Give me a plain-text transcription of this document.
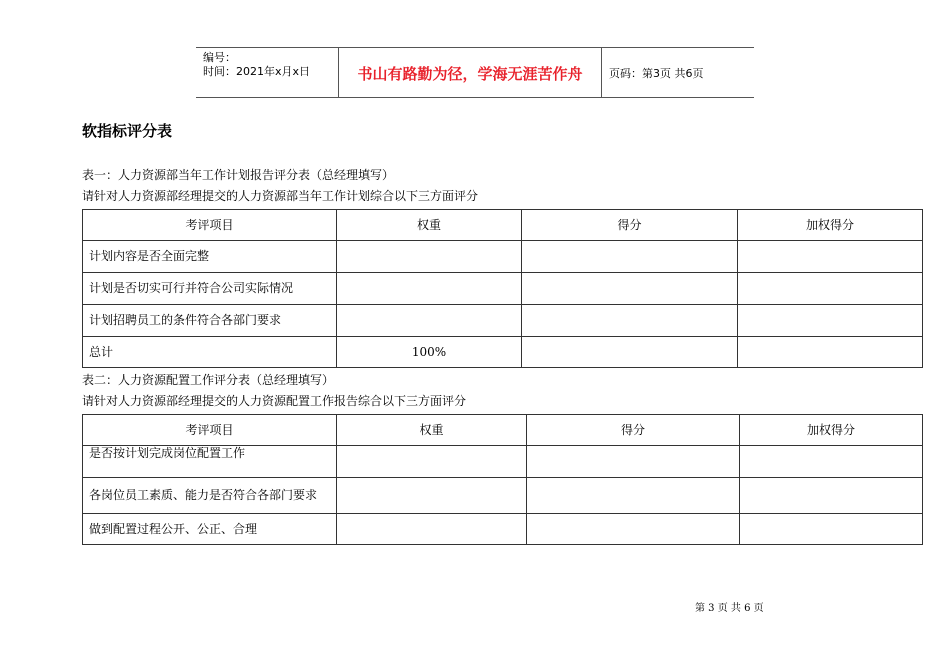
编号：
时间：2021年x月x日	书山有路勤为径，学海无涯苦作舟	页码：第3页 共6页
软指标评分表
表一：人力资源部当年工作计划报告评分表（总经理填写）
请针对人力资源部经理提交的人力资源部当年工作计划综合以下三方面评分
考评项目	权重	得分	加权得分
计划内容是否全面完整			
计划是否切实可行并符合公司实际情况			
计划招聘员工的条件符合各部门要求			
总计	100%		
表二：人力资源配置工作评分表（总经理填写）
请针对人力资源部经理提交的人力资源配置工作报告综合以下三方面评分
考评项目	权重	得分	加权得分
是否按计划完成岗位配置工作			
各岗位员工素质、能力是否符合各部门要求			
做到配置过程公开、公正、合理			
第 3 页 共 6 页
